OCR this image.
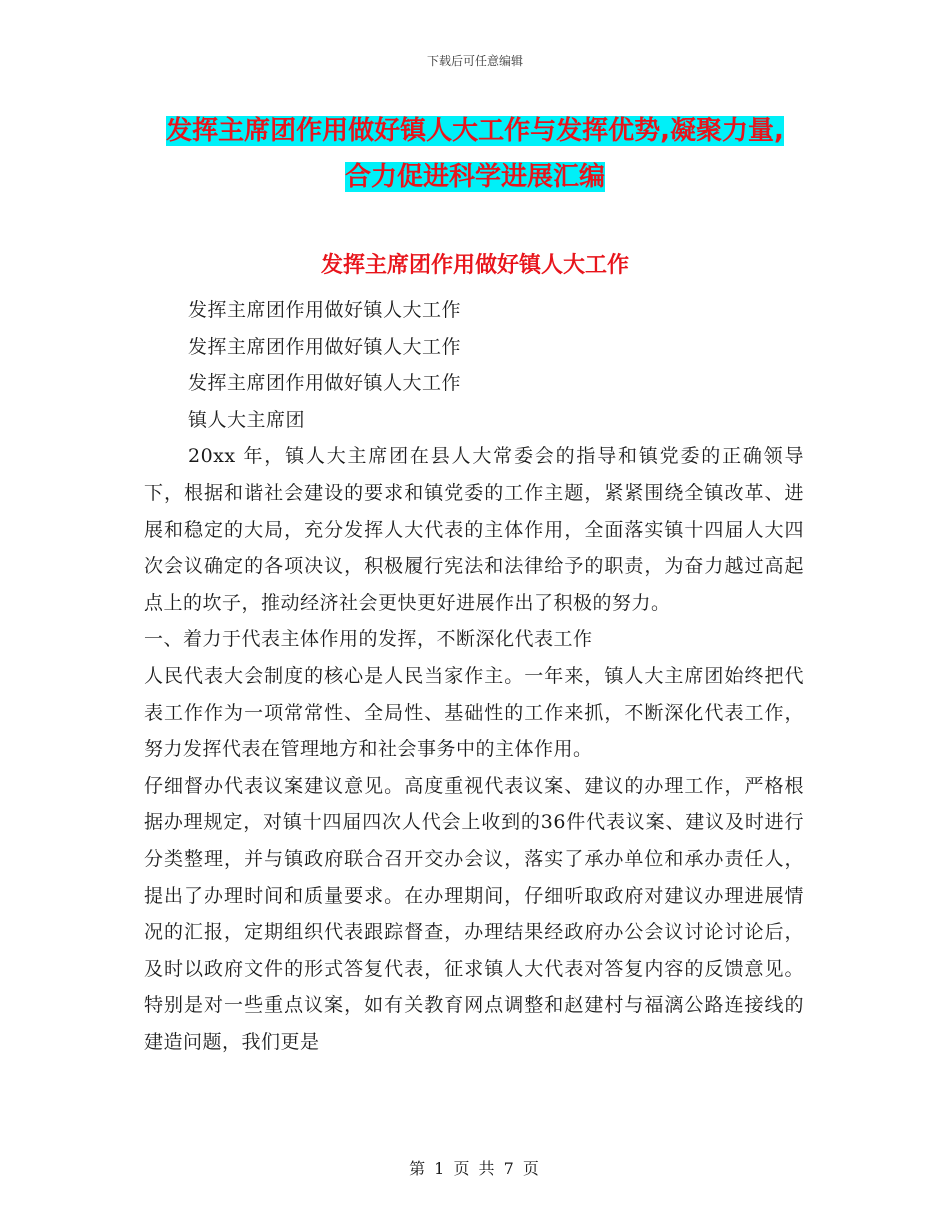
下载后可任意编辑
发挥主席团作用做好镇人大工作与发挥优势,凝聚力量,
合力促进科学进展汇编
发挥主席团作用做好镇人大工作

发挥主席团作用做好镇人大工作

发挥主席团作用做好镇人大工作

发挥主席团作用做好镇人大工作

镇人大主席团

20xx 年，镇人大主席团在县人大常委会的指导和镇党委的正确领导下，根据和谐社会建设的要求和镇党委的工作主题，紧紧围绕全镇改革、进展和稳定的大局，充分发挥人大代表的主体作用，全面落实镇十四届人大四次会议确定的各项决议，积极履行宪法和法律给予的职责，为奋力越过高起点上的坎子，推动经济社会更快更好进展作出了积极的努力。

一、着力于代表主体作用的发挥，不断深化代表工作

人民代表大会制度的核心是人民当家作主。一年来，镇人大主席团始终把代表工作作为一项常常性、全局性、基础性的工作来抓，不断深化代表工作，努力发挥代表在管理地方和社会事务中的主体作用。

仔细督办代表议案建议意见。高度重视代表议案、建议的办理工作，严格根据办理规定，对镇十四届四次人代会上收到的36件代表议案、建议及时进行分类整理，并与镇政府联合召开交办会议，落实了承办单位和承办责任人，提出了办理时间和质量要求。在办理期间，仔细听取政府对建议办理进展情况的汇报，定期组织代表跟踪督查，办理结果经政府办公会议讨论讨论后，及时以政府文件的形式答复代表，征求镇人大代表对答复内容的反馈意见。特别是对一些重点议案，如有关教育网点调整和赵建村与福漓公路连接线的建造问题，我们更是

第 1 页 共 7 页
